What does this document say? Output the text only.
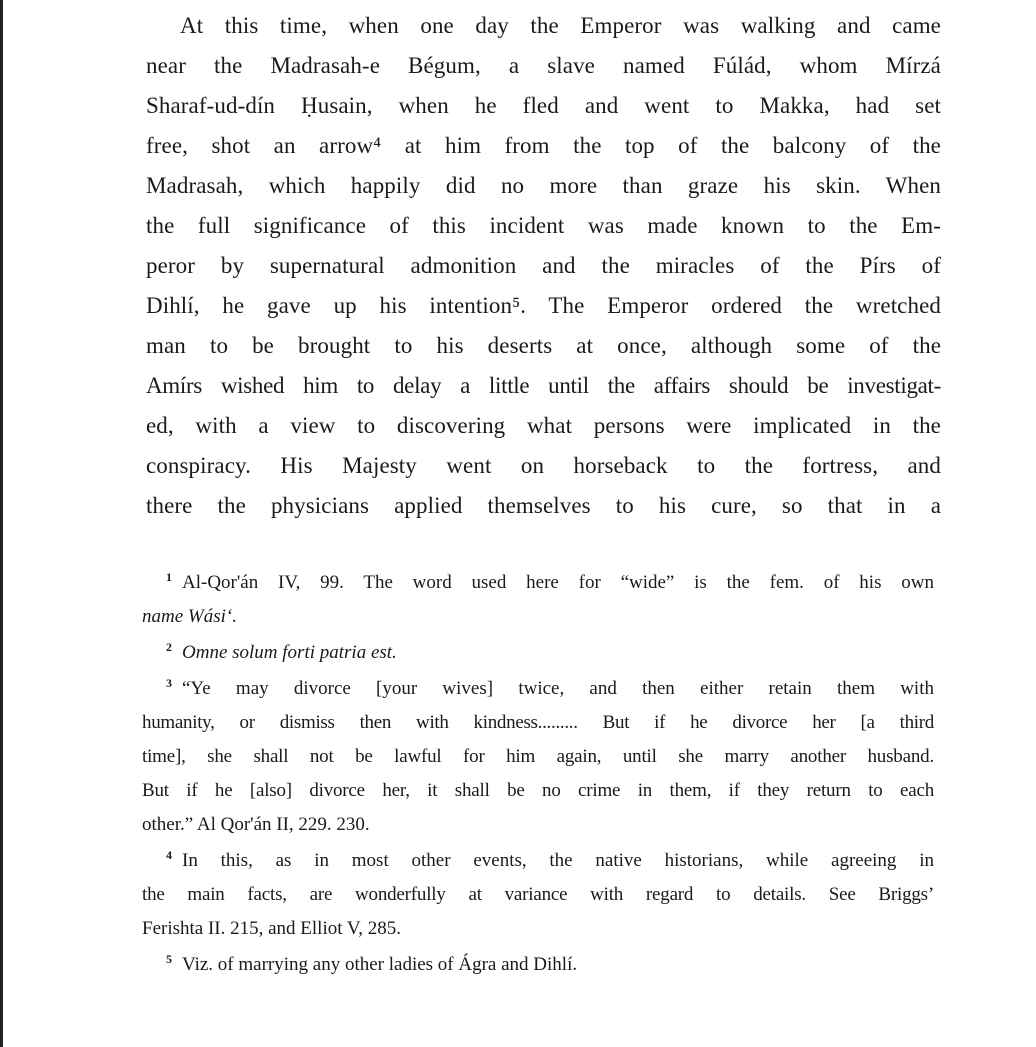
At this time, when one day the Emperor was walking and came
near the Madrasah-e Bégum, a slave named Fúlád, whom Mírzá
Sharaf-ud-dín Ḥusain, when he fled and went to Makka, had set
free, shot an arrow⁴ at him from the top of the balcony of the
Madrasah, which happily did no more than graze his skin. When
the full significance of this incident was made known to the Em-
peror by supernatural admonition and the miracles of the Pírs of
Dihlí, he gave up his intention⁵. The Emperor ordered the wretched
man to be brought to his deserts at once, although some of the
Amírs wished him to delay a little until the affairs should be investigat-
ed, with a view to discovering what persons were implicated in the
conspiracy. His Majesty went on horseback to the fortress, and
there the physicians applied themselves to his cure, so that in a
$^1$ Al-Qor'án IV, 99. The word used here for “wide” is the fem. of his own
name Wási‘.
$^2$ Omne solum forti patria est.
$^3$ “Ye may divorce [your wives] twice, and then either retain them with
humanity, or dismiss then with kindness......... But if he divorce her [a third
time], she shall not be lawful for him again, until she marry another husband.
But if he [also] divorce her, it shall be no crime in them, if they return to each
other.” Al Qor'án II, 229. 230.
$^4$ In this, as in most other events, the native historians, while agreeing in
the main facts, are wonderfully at variance with regard to details. See Briggs’
Ferishta II. 215, and Elliot V, 285.
$^5$ Viz. of marrying any other ladies of Ágra and Dihlí.
